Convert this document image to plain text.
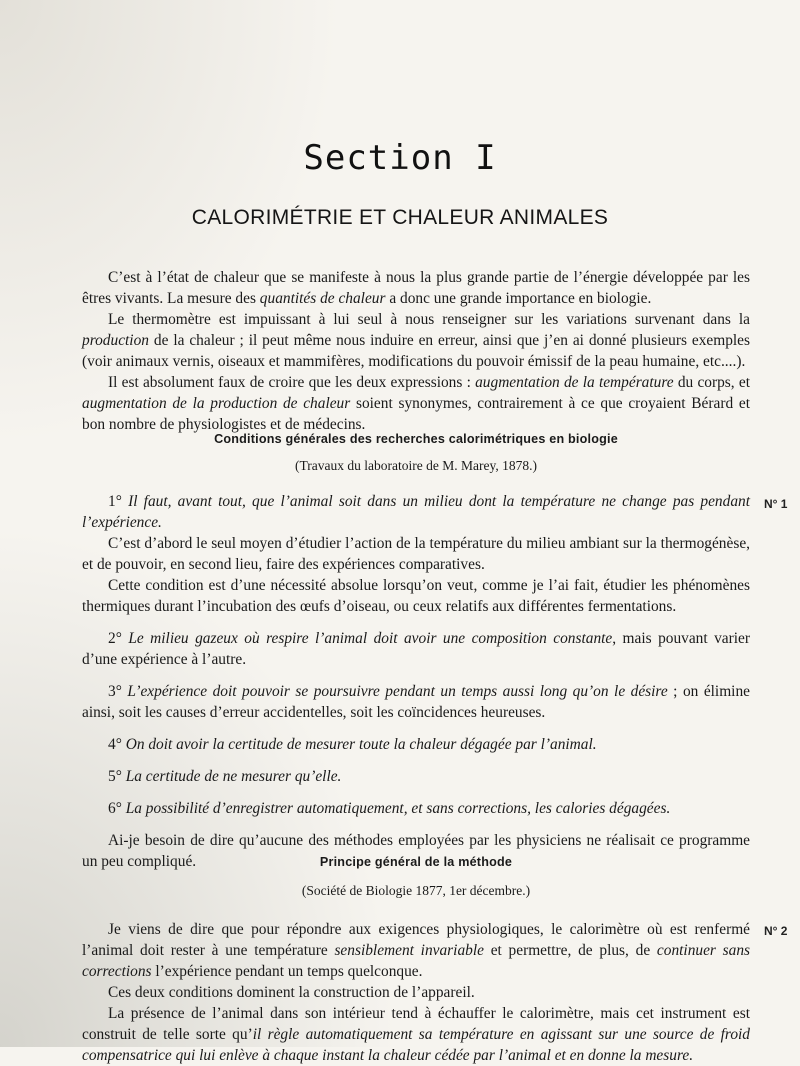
Section I
CALORIMÉTRIE ET CHALEUR ANIMALES

C’est à l’état de chaleur que se manifeste à nous la plus grande partie de l’énergie développée par les êtres vivants. La mesure des quantités de chaleur a donc une grande importance en biologie.

Le thermomètre est impuissant à lui seul à nous renseigner sur les variations survenant dans la production de la chaleur ; il peut même nous induire en erreur, ainsi que j’en ai donné plusieurs exemples (voir animaux vernis, oiseaux et mammifères, modifications du pouvoir émissif de la peau humaine, etc....).

Il est absolument faux de croire que les deux expressions : augmentation de la température du corps, et augmentation de la production de chaleur soient synonymes, contrairement à ce que croyaient Bérard et bon nombre de physiologistes et de médecins.

Conditions générales des recherches calorimétriques en biologie
(Travaux du laboratoire de M. Marey, 1878.)
N° 1

1° Il faut, avant tout, que l’animal soit dans un milieu dont la température ne change pas pendant l’expérience.

C’est d’abord le seul moyen d’étudier l’action de la température du milieu ambiant sur la thermogénèse, et de pouvoir, en second lieu, faire des expériences comparatives.

Cette condition est d’une nécessité absolue lorsqu’on veut, comme je l’ai fait, étudier les phénomènes thermiques durant l’incubation des œufs d’oiseau, ou ceux relatifs aux différentes fermentations.

2° Le milieu gazeux où respire l’animal doit avoir une composition constante, mais pouvant varier d’une expérience à l’autre.

3° L’expérience doit pouvoir se poursuivre pendant un temps aussi long qu’on le désire ; on élimine ainsi, soit les causes d’erreur accidentelles, soit les coïncidences heureuses.

4° On doit avoir la certitude de mesurer toute la chaleur dégagée par l’animal.

5° La certitude de ne mesurer qu’elle.

6° La possibilité d’enregistrer automatiquement, et sans corrections, les calories dégagées.

Ai-je besoin de dire qu’aucune des méthodes employées par les physiciens ne réalisait ce programme un peu compliqué.	Principe général de la méthode
(Société de Biologie 1877, 1er décembre.)
N° 2

Je viens de dire que pour répondre aux exigences physiologiques, le calorimètre où est renfermé l’animal doit rester à une température sensiblement invariable et permettre, de plus, de continuer sans corrections l’expérience pendant un temps quelconque.

Ces deux conditions dominent la construction de l’appareil.

La présence de l’animal dans son intérieur tend à échauffer le calorimètre, mais cet instrument est construit de telle sorte qu’il règle automatiquement sa température en agissant sur une source de froid compensatrice qui lui enlève à chaque instant la chaleur cédée par l’animal et en donne la mesure.
